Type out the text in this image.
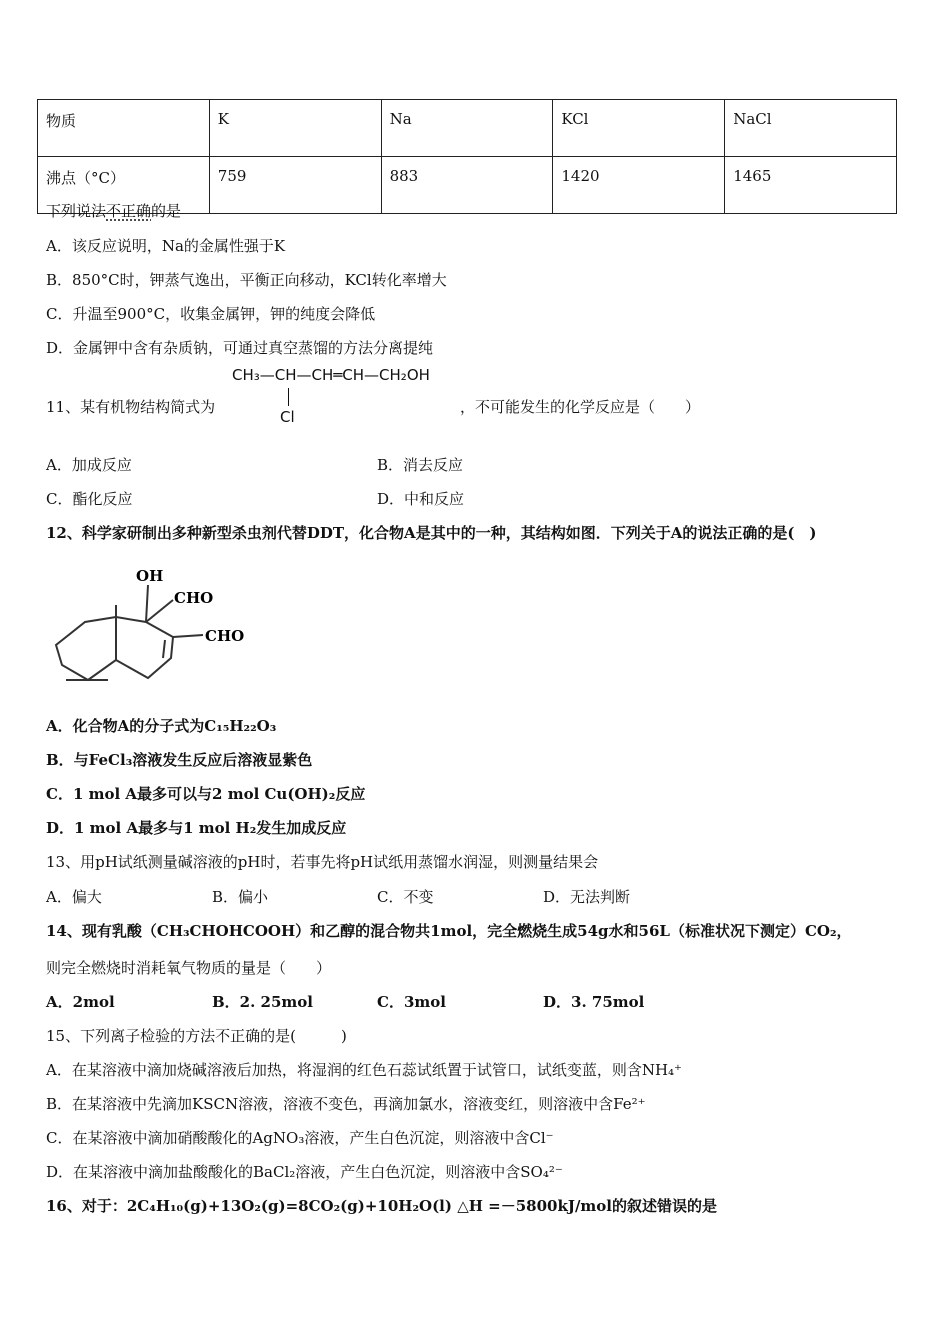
物质	K	Na	KCl	NaCl
沸点（°C）	759	883	1420	1465
下列说法不正确的是
A．该反应说明，Na的金属性强于K
B．850°C时，钾蒸气逸出，平衡正向移动，KCl转化率增大
C．升温至900°C，收集金属钾，钾的纯度会降低
D．金属钾中含有杂质钠，可通过真空蒸馏的方法分离提纯
11、某有机物结构简式为
CH₃—CH—CH═CH—CH₂OH
Cl
，不可能发生的化学反应是（　　）
A．加成反应	B．消去反应
C．酯化反应	D．中和反应
12、科学家研制出多种新型杀虫剂代替DDT，化合物A是其中的一种，其结构如图．下列关于A的说法正确的是(　)
OH
CHO
CHO
A．化合物A的分子式为C₁₅H₂₂O₃
B．与FeCl₃溶液发生反应后溶液显紫色
C．1 mol A最多可以与2 mol Cu(OH)₂反应
D．1 mol A最多与1 mol H₂发生加成反应
13、用pH试纸测量碱溶液的pH时，若事先将pH试纸用蒸馏水润湿，则测量结果会
A．偏大	B．偏小	C．不变	D．无法判断
14、现有乳酸（CH₃CHOHCOOH）和乙醇的混合物共1mol，完全燃烧生成54g水和56L（标准状况下测定）CO₂，
则完全燃烧时消耗氧气物质的量是（　　）
A．2mol	B．2. 25mol	C．3mol	D．3. 75mol
15、下列离子检验的方法不正确的是(　　　)
A．在某溶液中滴加烧碱溶液后加热，将湿润的红色石蕊试纸置于试管口，试纸变蓝，则含NH₄⁺
B．在某溶液中先滴加KSCN溶液，溶液不变色，再滴加氯水，溶液变红，则溶液中含Fe²⁺
C．在某溶液中滴加硝酸酸化的AgNO₃溶液，产生白色沉淀，则溶液中含Cl⁻
D．在某溶液中滴加盐酸酸化的BaCl₂溶液，产生白色沉淀，则溶液中含SO₄²⁻
16、对于：2C₄H₁₀(g)+13O₂(g)=8CO₂(g)+10H₂O(l) △H =－5800kJ/mol的叙述错误的是
